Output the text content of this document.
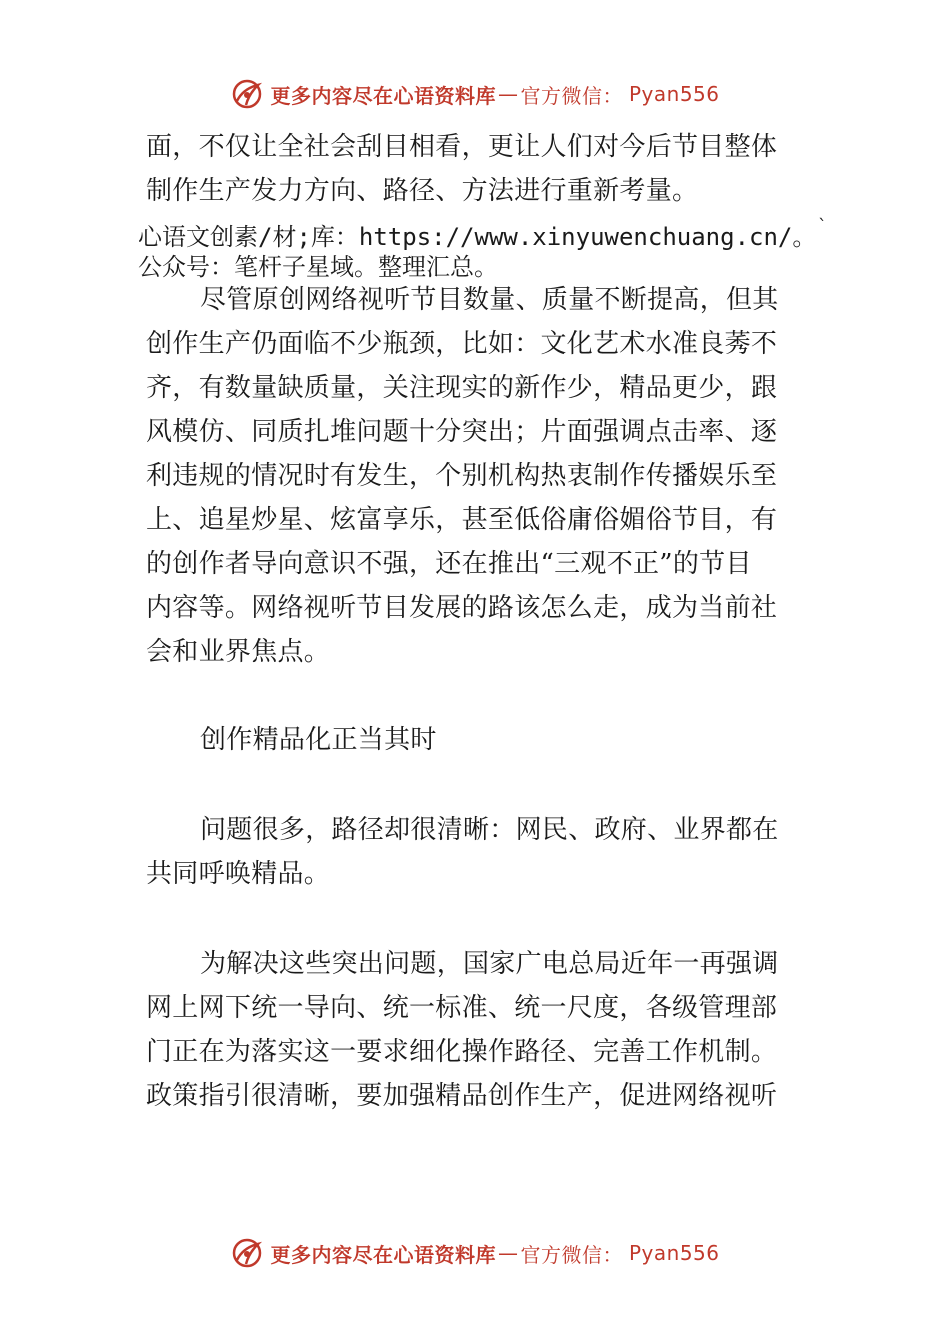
更多内容尽在心语资料库 — 官方微信： Pyan556
面，不仅让全社会刮目相看，更让人们对今后节目整体
制作生产发力方向、路径、方法进行重新考量。
心语文创素/材;库：https://www.xinyuwenchuang.cn/。
公众号：笔杆子星域。整理汇总。
`
尽管原创网络视听节目数量、质量不断提高，但其
创作生产仍面临不少瓶颈，比如：文化艺术水准良莠不
齐，有数量缺质量，关注现实的新作少，精品更少，跟
风模仿、同质扎堆问题十分突出；片面强调点击率、逐
利违规的情况时有发生，个别机构热衷制作传播娱乐至
上、追星炒星、炫富享乐，甚至低俗庸俗媚俗节目，有
的创作者导向意识不强，还在推出“三观不正”的节目
内容等。网络视听节目发展的路该怎么走，成为当前社
会和业界焦点。
创作精品化正当其时
问题很多，路径却很清晰：网民、政府、业界都在
共同呼唤精品。
为解决这些突出问题，国家广电总局近年一再强调
网上网下统一导向、统一标准、统一尺度，各级管理部
门正在为落实这一要求细化操作路径、完善工作机制。
政策指引很清晰，要加强精品创作生产，促进网络视听
更多内容尽在心语资料库 — 官方微信： Pyan556
